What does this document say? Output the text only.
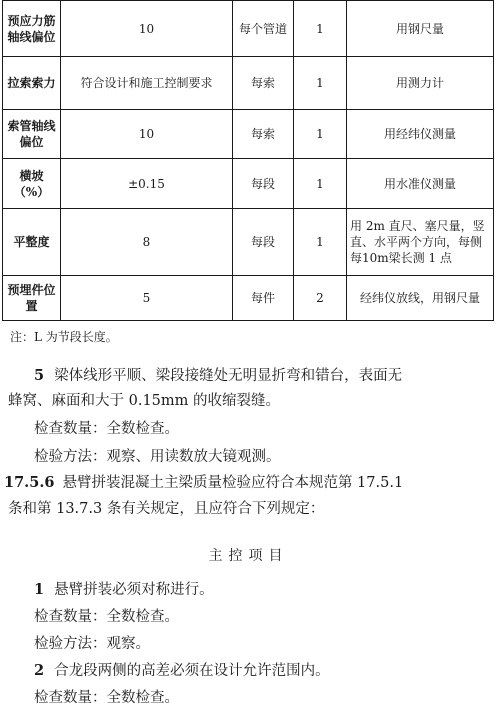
预应力筋轴线偏位	10	每个管道	1	用钢尺量
拉索索力	符合设计和施工控制要求	每索	1	用测力计
索管轴线偏位	10	每索	1	用经纬仪测量
横坡（%）	±0.15	每段	1	用水准仪测量
平整度	8	每段	1	用 2m 直尺、塞尺量，竖直、水平两个方向，每侧每10m梁长测 1 点
预埋件位置	5	每件	2	经纬仪放线，用钢尺量
注：L 为节段长度。
5 梁体线形平顺、梁段接缝处无明显折弯和错台，表面无
蜂窝、麻面和大于 0.15mm 的收缩裂缝。
检查数量：全数检查。
检验方法：观察、用读数放大镜观测。
17.5.6 悬臂拼装混凝土主梁质量检验应符合本规范第 17.5.1
条和第 13.7.3 条有关规定，且应符合下列规定：
主控项目
1 悬臂拼装必须对称进行。
检查数量：全数检查。
检验方法：观察。
2 合龙段两侧的高差必须在设计允许范围内。
检查数量：全数检查。
